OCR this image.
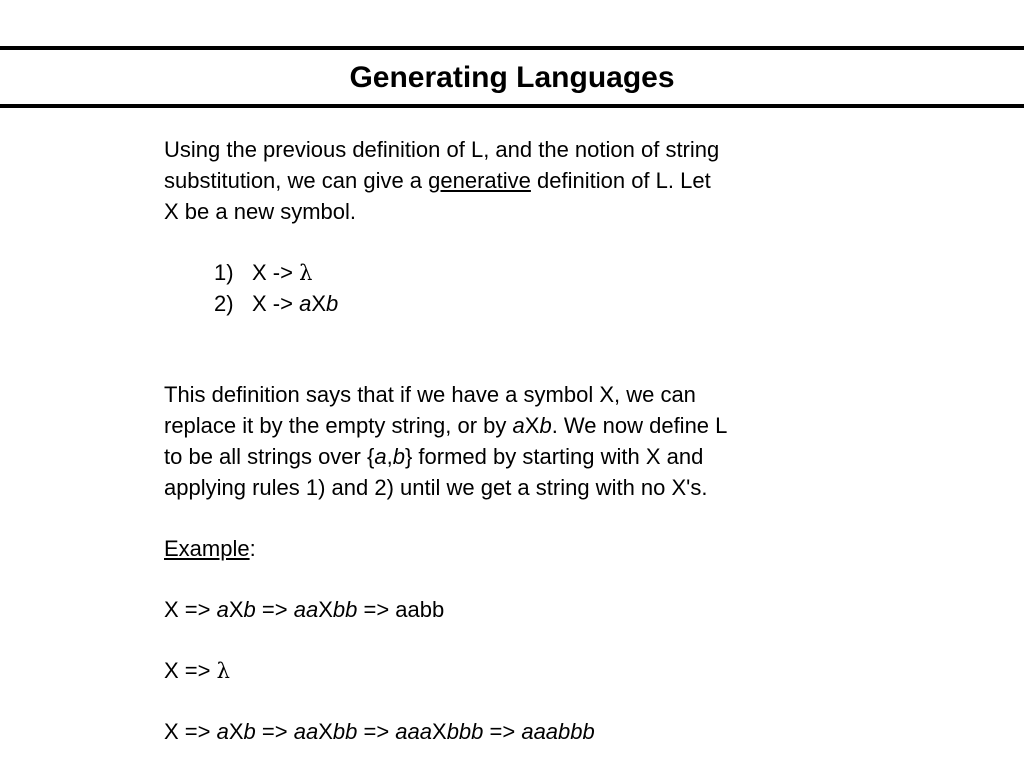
Generating Languages
Using the previous definition of L, and the notion of string
substitution, we can give a generative definition of L. Let
X be a new symbol.
1) X -> λ
2) X -> aXb
This definition says that if we have a symbol X, we can
replace it by the empty string, or by aXb. We now define L
to be all strings over {a,b} formed by starting with X and
applying rules 1) and 2) until we get a string with no X's.
Example:
X => aXb => aaXbb => aabb
X => λ
X => aXb => aaXbb => aaaXbbb => aaabbb
